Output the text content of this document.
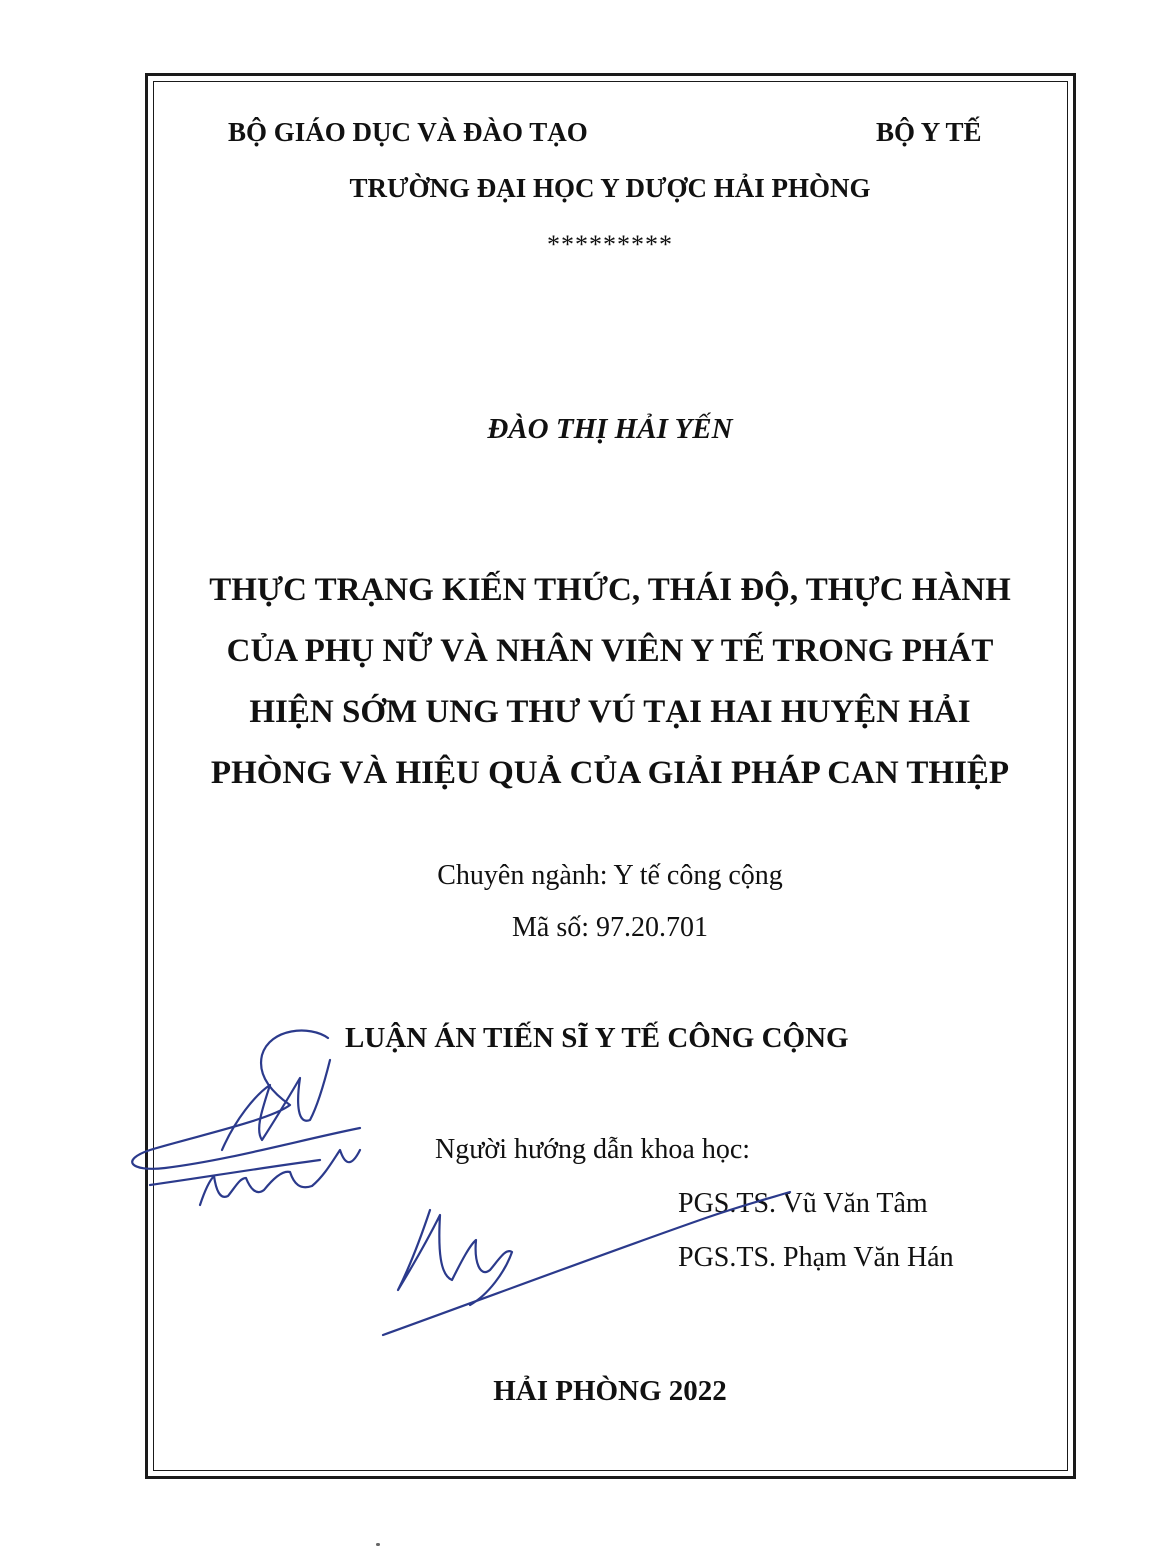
BỘ GIÁO DỤC VÀ ĐÀO TẠO	BỘ Y TẾ
TRƯỜNG ĐẠI HỌC Y DƯỢC HẢI PHÒNG
*********
ĐÀO THỊ HẢI YẾN
THỰC TRẠNG KIẾN THỨC, THÁI ĐỘ, THỰC HÀNH
CỦA PHỤ NỮ VÀ NHÂN VIÊN Y TẾ TRONG PHÁT
HIỆN SỚM UNG THƯ VÚ TẠI HAI HUYỆN HẢI
PHÒNG VÀ HIỆU QUẢ CỦA GIẢI PHÁP CAN THIỆP
Chuyên ngành: Y tế công cộng
Mã số: 97.20.701
LUẬN ÁN TIẾN SĨ Y TẾ CÔNG CỘNG
Người hướng dẫn khoa học:
PGS.TS. Vũ Văn Tâm
PGS.TS. Phạm Văn Hán
HẢI PHÒNG 2022
